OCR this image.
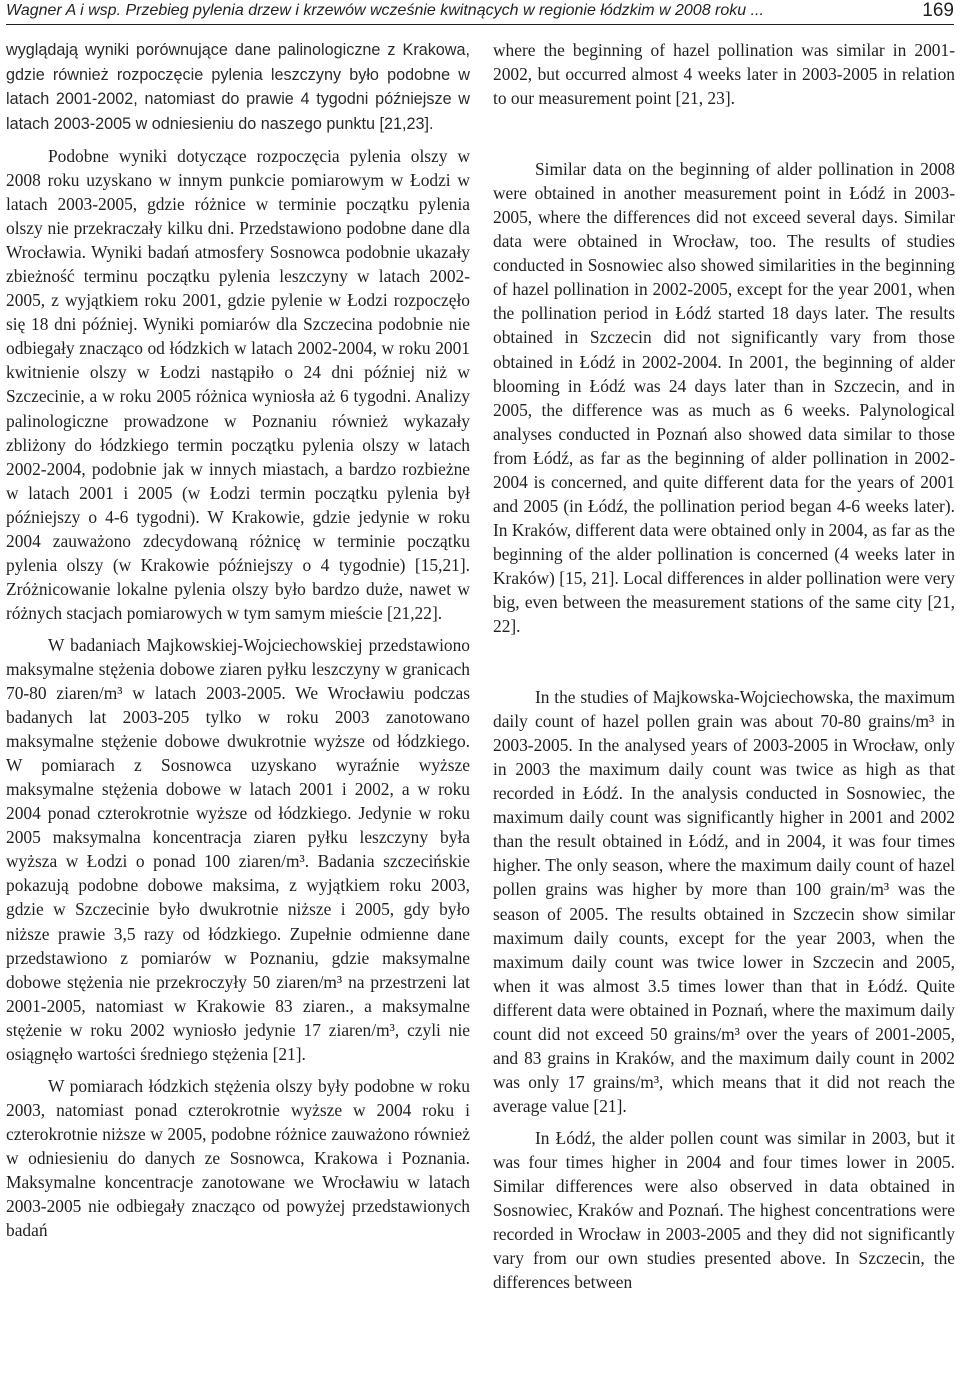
Wagner A i wsp. Przebieg pylenia drzew i krzewów wcześnie kwitnących w regionie łódzkim w 2008 roku ...	169

wyglądają wyniki porównujące dane palinologiczne z Krakowa, gdzie również rozpoczęcie pylenia leszczyny było podobne w latach 2001-2002, natomiast do prawie 4 tygodni późniejsze w latach 2003-2005 w odniesieniu do naszego punktu [21,23].

Podobne wyniki dotyczące rozpoczęcia pylenia olszy w 2008 roku uzyskano w innym punkcie pomiarowym w Łodzi w latach 2003-2005, gdzie różnice w terminie początku pylenia olszy nie przekraczały kilku dni. Przedstawiono podobne dane dla Wrocławia. Wyniki badań atmosfery Sosnowca podobnie ukazały zbieżność terminu początku pylenia leszczyny w latach 2002-2005, z wyjątkiem roku 2001, gdzie pylenie w Łodzi rozpoczęło się 18 dni później. Wyniki pomiarów dla Szczecina podobnie nie odbiegały znacząco od łódzkich w latach 2002-2004, w roku 2001 kwitnienie olszy w Łodzi nastąpiło o 24 dni później niż w Szczecinie, a w roku 2005 różnica wyniosła aż 6 tygodni. Analizy palinologiczne prowadzone w Poznaniu również wykazały zbliżony do łódzkiego termin początku pylenia olszy w latach 2002-2004, podobnie jak w innych miastach, a bardzo rozbieżne w latach 2001 i 2005 (w Łodzi termin początku pylenia był późniejszy o 4-6 tygodni). W Krakowie, gdzie jedynie w roku 2004 zauważono zdecydowaną różnicę w terminie początku pylenia olszy (w Krakowie późniejszy o 4 tygodnie) [15,21]. Zróżnicowanie lokalne pylenia olszy było bardzo duże, nawet w różnych stacjach pomiarowych w tym samym mieście [21,22].

W badaniach Majkowskiej-Wojciechowskiej przedstawiono maksymalne stężenia dobowe ziaren pyłku leszczyny w granicach 70-80 ziaren/m³ w latach 2003-2005. We Wrocławiu podczas badanych lat 2003-205 tylko w roku 2003 zanotowano maksymalne stężenie dobowe dwukrotnie wyższe od łódzkiego. W pomiarach z Sosnowca uzyskano wyraźnie wyższe maksymalne stężenia dobowe w latach 2001 i 2002, a w roku 2004 ponad czterokrotnie wyższe od łódzkiego. Jedynie w roku 2005 maksymalna koncentracja ziaren pyłku leszczyny była wyższa w Łodzi o ponad 100 ziaren/m³. Badania szczecińskie pokazują podobne dobowe maksima, z wyjątkiem roku 2003, gdzie w Szczecinie było dwukrotnie niższe i 2005, gdy było niższe prawie 3,5 razy od łódzkiego. Zupełnie odmienne dane przedstawiono z pomiarów w Poznaniu, gdzie maksymalne dobowe stężenia nie przekroczyły 50 ziaren/m³ na przestrzeni lat 2001-2005, natomiast w Krakowie 83 ziaren., a maksymalne stężenie w roku 2002 wyniosło jedynie 17 ziaren/m³, czyli nie osiągnęło wartości średniego stężenia [21].

W pomiarach łódzkich stężenia olszy były podobne w roku 2003, natomiast ponad czterokrotnie wyższe w 2004 roku i czterokrotnie niższe w 2005, podobne różnice zauważono również w odniesieniu do danych ze Sosnowca, Krakowa i Poznania. Maksymalne koncentracje zanotowane we Wrocławiu w latach 2003-2005 nie odbiegały znacząco od powyżej przedstawionych badań

where the beginning of hazel pollination was similar in 2001-2002, but occurred almost 4 weeks later in 2003-2005 in relation to our measurement point [21, 23].

Similar data on the beginning of alder pollination in 2008 were obtained in another measurement point in Łódź in 2003-2005, where the differences did not exceed several days. Similar data were obtained in Wrocław, too. The results of studies conducted in Sosnowiec also showed similarities in the beginning of hazel pollination in 2002-2005, except for the year 2001, when the pollination period in Łódź started 18 days later. The results obtained in Szczecin did not significantly vary from those obtained in Łódź in 2002-2004. In 2001, the beginning of alder blooming in Łódź was 24 days later than in Szczecin, and in 2005, the difference was as much as 6 weeks. Palynological analyses conducted in Poznań also showed data similar to those from Łódź, as far as the beginning of alder pollination in 2002-2004 is concerned, and quite different data for the years of 2001 and 2005 (in Łódź, the pollination period began 4-6 weeks later). In Kraków, different data were obtained only in 2004, as far as the beginning of the alder pollination is concerned (4 weeks later in Kraków) [15, 21]. Local differences in alder pollination were very big, even between the measurement stations of the same city [21, 22].

In the studies of Majkowska-Wojciechowska, the maximum daily count of hazel pollen grain was about 70-80 grains/m³ in 2003-2005. In the analysed years of 2003-2005 in Wrocław, only in 2003 the maximum daily count was twice as high as that recorded in Łódź. In the analysis conducted in Sosnowiec, the maximum daily count was significantly higher in 2001 and 2002 than the result obtained in Łódź, and in 2004, it was four times higher. The only season, where the maximum daily count of hazel pollen grains was higher by more than 100 grain/m³ was the season of 2005. The results obtained in Szczecin show similar maximum daily counts, except for the year 2003, when the maximum daily count was twice lower in Szczecin and 2005, when it was almost 3.5 times lower than that in Łódź. Quite different data were obtained in Poznań, where the maximum daily count did not exceed 50 grains/m³ over the years of 2001-2005, and 83 grains in Kraków, and the maximum daily count in 2002 was only 17 grains/m³, which means that it did not reach the average value [21].

In Łódź, the alder pollen count was similar in 2003, but it was four times higher in 2004 and four times lower in 2005. Similar differences were also observed in data obtained in Sosnowiec, Kraków and Poznań. The highest concentrations were recorded in Wrocław in 2003-2005 and they did not significantly vary from our own studies presented above. In Szczecin, the differences between
